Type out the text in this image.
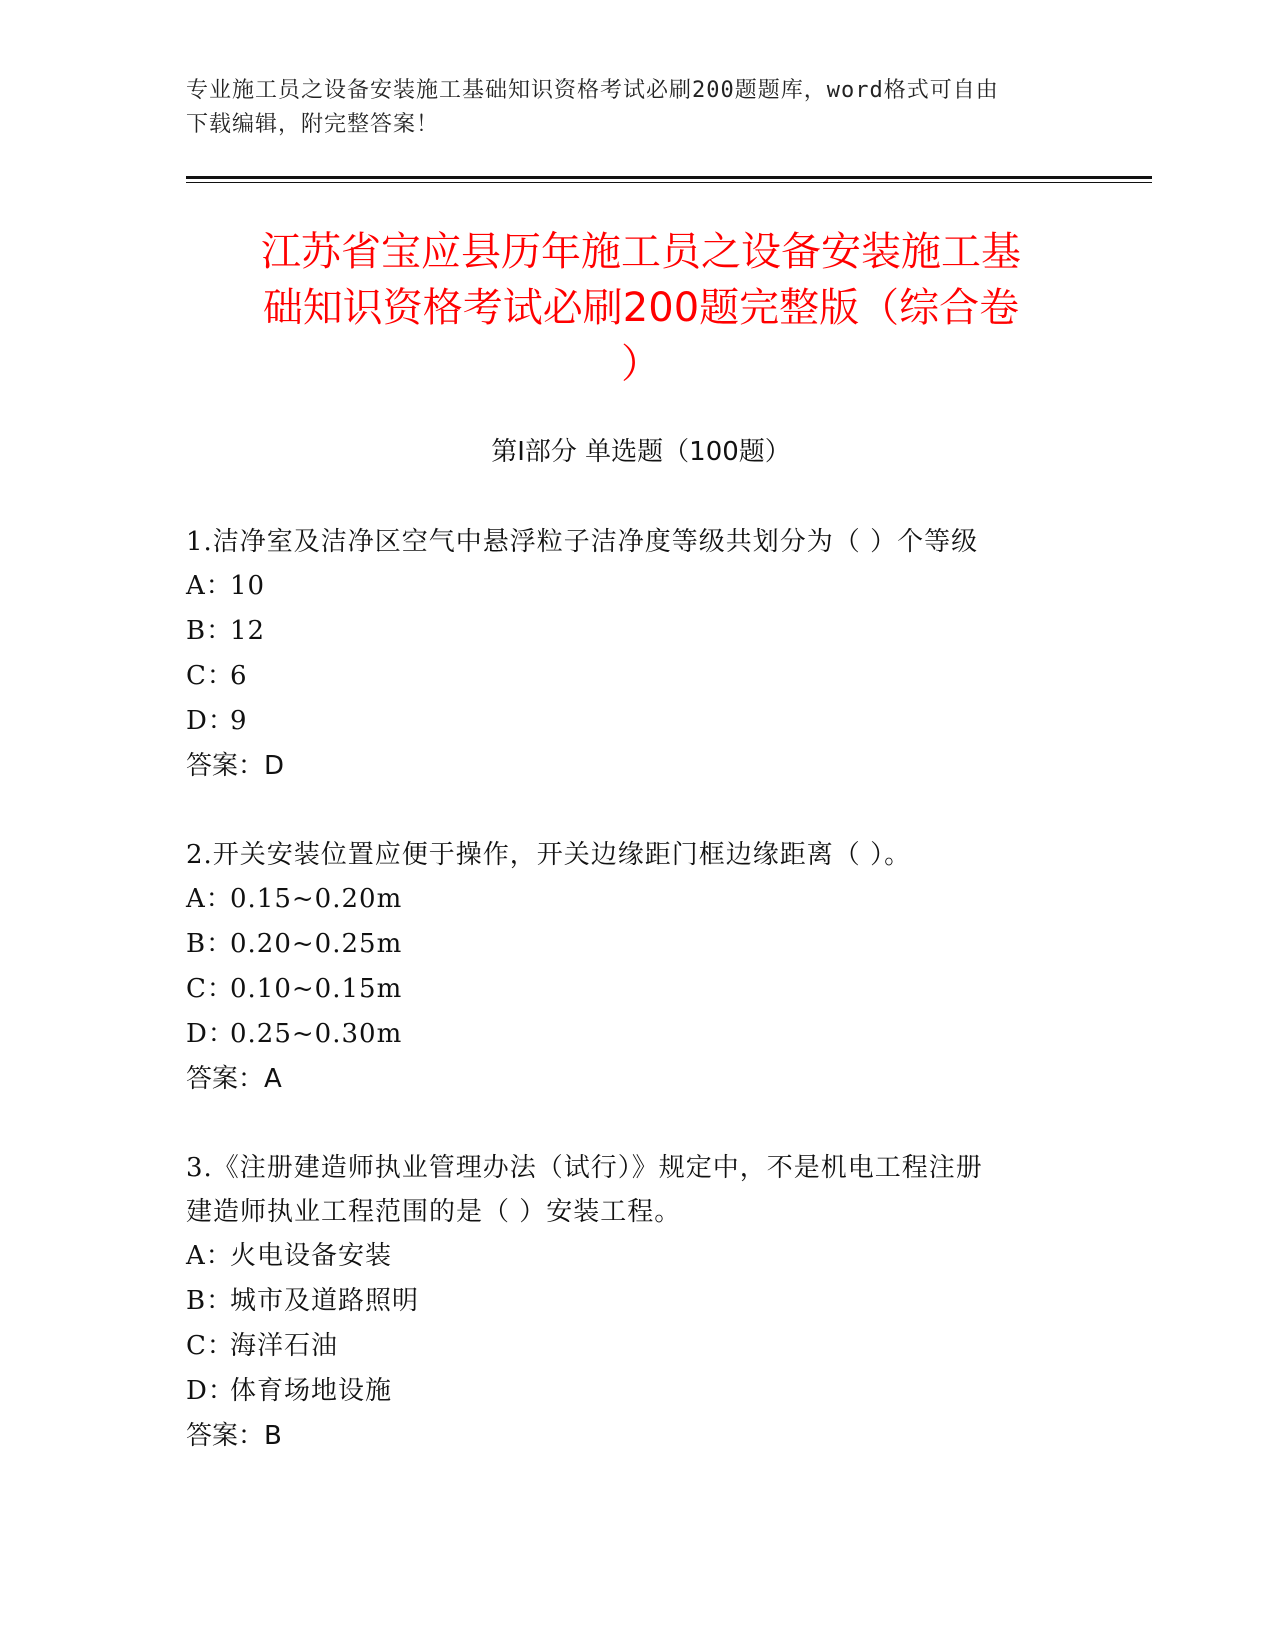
专业施工员之设备安装施工基础知识资格考试必刷200题题库，word格式可自由
下载编辑，附完整答案！
江苏省宝应县历年施工员之设备安装施工基
础知识资格考试必刷200题完整版（综合卷
）
第I部分 单选题（100题）
1.洁净室及洁净区空气中悬浮粒子洁净度等级共划分为（ ）个等级
A：10
B：12
C：6
D：9
答案：D
2.开关安装位置应便于操作，开关边缘距门框边缘距离（ ）。
A：0.15~0.20m
B：0.20~0.25m
C：0.10~0.15m
D：0.25~0.30m
答案：A
3.《注册建造师执业管理办法（试行）》规定中，不是机电工程注册
建造师执业工程范围的是（ ）安装工程。
A：火电设备安装
B：城市及道路照明
C：海洋石油
D：体育场地设施
答案：B
